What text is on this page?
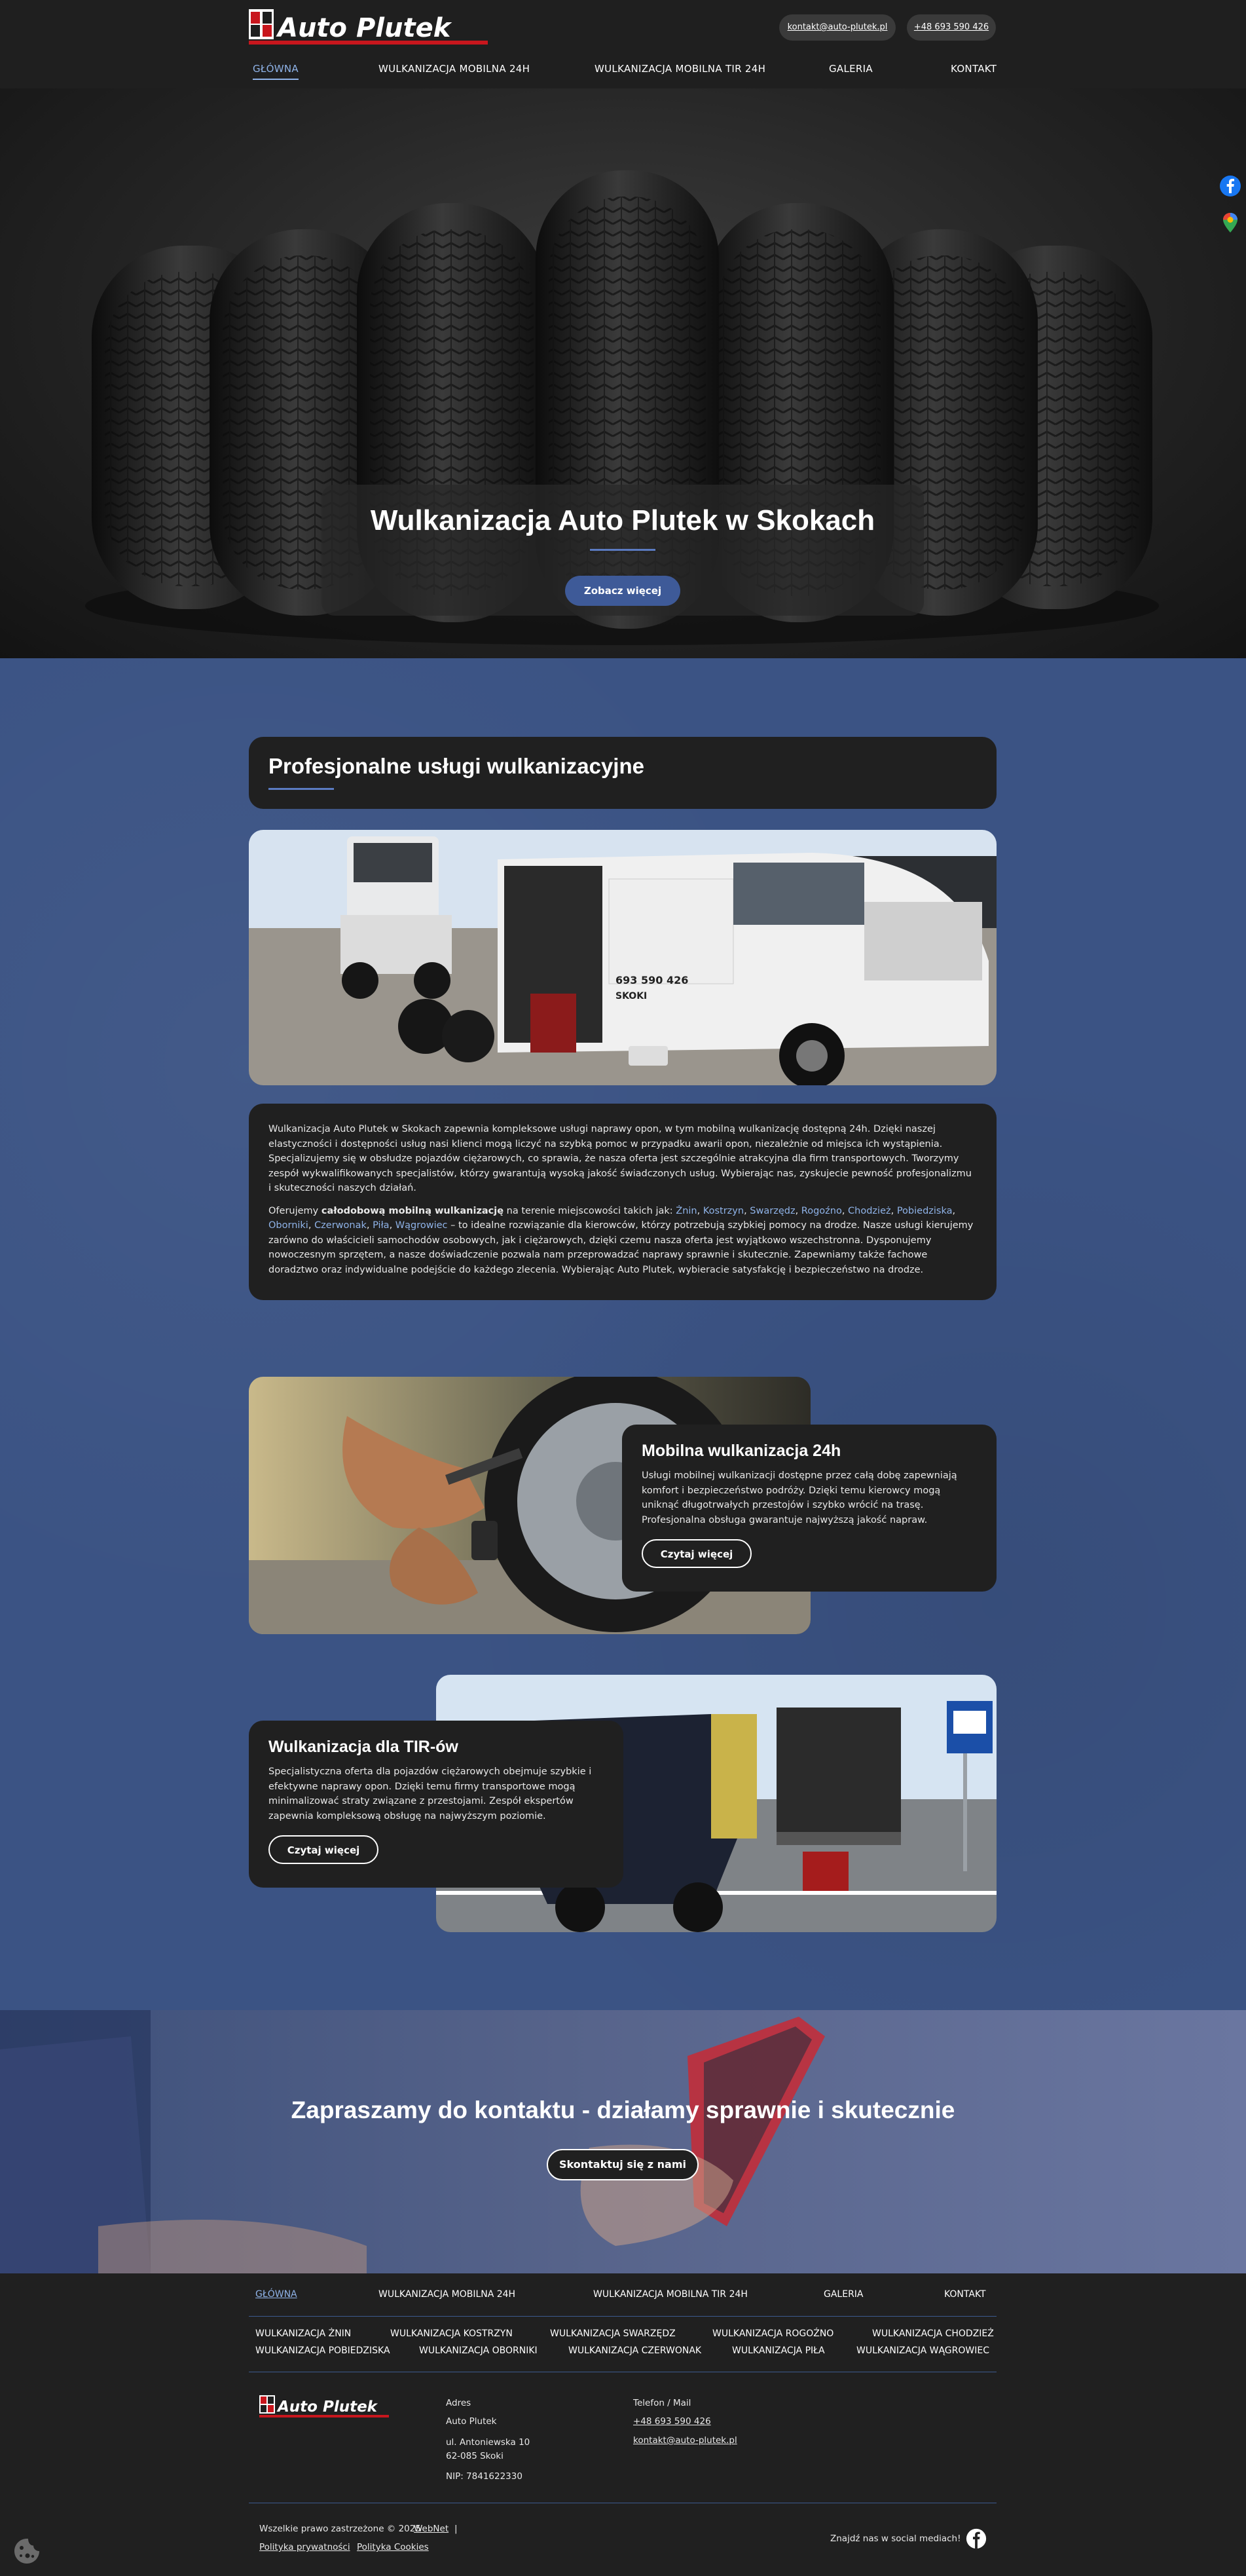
Auto Plutek	kontakt@auto-plutek.pl	+48 693 590 426
GŁÓWNA	WULKANIZACJA MOBILNA 24H	WULKANIZACJA MOBILNA TIR 24H	GALERIA	KONTAKT
Wulkanizacja Auto Plutek w Skokach
Zobacz więcej
Profesjonalne usługi wulkanizacyjne
693 590 426
SKOKI

Wulkanizacja Auto Plutek w Skokach zapewnia kompleksowe usługi naprawy opon, w tym mobilną wulkanizację dostępną 24h. Dzięki naszej elastyczności i dostępności usług nasi klienci mogą liczyć na szybką pomoc w przypadku awarii opon, niezależnie od miejsca ich wystąpienia. Specjalizujemy się w obsłudze pojazdów ciężarowych, co sprawia, że nasza oferta jest szczególnie atrakcyjna dla firm transportowych. Tworzymy zespół wykwalifikowanych specjalistów, którzy gwarantują wysoką jakość świadczonych usług. Wybierając nas, zyskujecie pewność profesjonalizmu i skuteczności naszych działań.

Oferujemy całodobową mobilną wulkanizację na terenie miejscowości takich jak: Żnin, Kostrzyn, Swarzędz, Rogoźno, Chodzież, Pobiedziska, Oborniki, Czerwonak, Piła, Wągrowiec – to idealne rozwiązanie dla kierowców, którzy potrzebują szybkiej pomocy na drodze. Nasze usługi kierujemy zarówno do właścicieli samochodów osobowych, jak i ciężarowych, dzięki czemu nasza oferta jest wyjątkowo wszechstronna. Dysponujemy nowoczesnym sprzętem, a nasze doświadczenie pozwala nam przeprowadzać naprawy sprawnie i skutecznie. Zapewniamy także fachowe doradztwo oraz indywidualne podejście do każdego zlecenia. Wybierając Auto Plutek, wybieracie satysfakcję i bezpieczeństwo na drodze.

Mobilna wulkanizacja 24h

Usługi mobilnej wulkanizacji dostępne przez całą dobę zapewniają komfort i bezpieczeństwo podróży. Dzięki temu kierowcy mogą uniknąć długotrwałych przestojów i szybko wrócić na trasę. Profesjonalna obsługa gwarantuje najwyższą jakość napraw.

Czytaj więcej
Wulkanizacja dla TIR-ów

Specjalistyczna oferta dla pojazdów ciężarowych obejmuje szybkie i efektywne naprawy opon. Dzięki temu firmy transportowe mogą minimalizować straty związane z przestojami. Zespół ekspertów zapewnia kompleksową obsługę na najwyższym poziomie.

Czytaj więcej
Zapraszamy do kontaktu - działamy sprawnie i skutecznie
Skontaktuj się z nami
GŁÓWNA	WULKANIZACJA MOBILNA 24H	WULKANIZACJA MOBILNA TIR 24H	GALERIA	KONTAKT
WULKANIZACJA ŻNIN	WULKANIZACJA KOSTRZYN	WULKANIZACJA SWARZĘDZ	WULKANIZACJA ROGOŹNO	WULKANIZACJA CHODZIEŻ
WULKANIZACJA POBIEDZISKA	WULKANIZACJA OBORNIKI	WULKANIZACJA CZERWONAK	WULKANIZACJA PIŁA	WULKANIZACJA WĄGROWIEC
Auto Plutek	Adres
Auto Plutek
ul. Antoniewska 10
62-085 Skoki
NIP: 7841622330
Telefon / Mail
+48 693 590 426
kontakt@auto-plutek.pl
Wszelkie prawo zastrzeżone © 2025
WebNet |
Polityka prywatności Polityka Cookies
Znajdź nas w social mediach!
